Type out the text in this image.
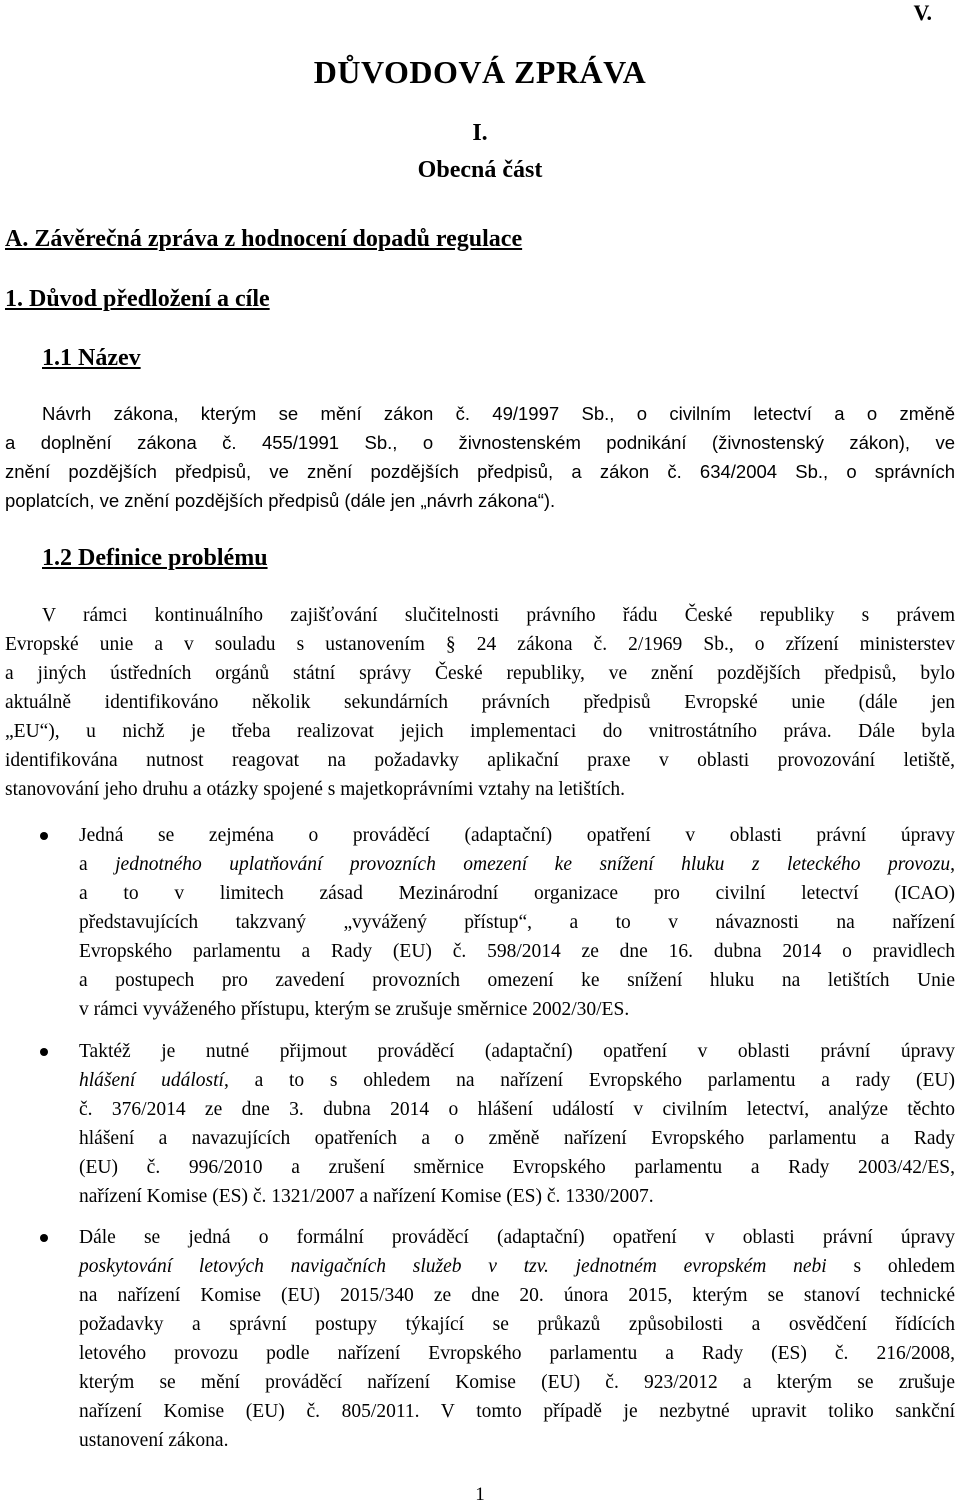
V.
DŮVODOVÁ ZPRÁVA
I.
Obecná část
A. Závěrečná zpráva z hodnocení dopadů regulace
1. Důvod předložení a cíle
1.1 Název
Návrh zákona, kterým se mění zákon č. 49/1997 Sb., o civilním letectví a o změně
a doplnění zákona č. 455/1991 Sb., o živnostenském podnikání (živnostenský zákon), ve
znění pozdějších předpisů, ve znění pozdějších předpisů, a zákon č. 634/2004 Sb., o správních
poplatcích, ve znění pozdějších předpisů (dále jen „návrh zákona“).
1.2 Definice problému
V rámci kontinuálního zajišťování slučitelnosti právního řádu České republiky s právem
Evropské unie a v souladu s ustanovením § 24 zákona č. 2/1969 Sb., o zřízení ministerstev
a jiných ústředních orgánů státní správy České republiky, ve znění pozdějších předpisů, bylo
aktuálně identifikováno několik sekundárních právních předpisů Evropské unie (dále jen
„EU“), u nichž je třeba realizovat jejich implementaci do vnitrostátního práva. Dále byla
identifikována nutnost reagovat na požadavky aplikační praxe v oblasti provozování letiště,
stanovování jeho druhu a otázky spojené s majetkoprávními vztahy na letištích.
Jedná se zejména o prováděcí (adaptační) opatření v oblasti právní úpravy
a jednotného uplatňování provozních omezení ke snížení hluku z leteckého provozu,
a to v limitech zásad Mezinárodní organizace pro civilní letectví (ICAO)
představujících takzvaný „vyvážený přístup“, a to v návaznosti na nařízení
Evropského parlamentu a Rady (EU) č. 598/2014 ze dne 16. dubna 2014 o pravidlech
a postupech pro zavedení provozních omezení ke snížení hluku na letištích Unie
v rámci vyváženého přístupu, kterým se zrušuje směrnice 2002/30/ES.
Taktéž je nutné přijmout prováděcí (adaptační) opatření v oblasti právní úpravy
hlášení událostí, a to s ohledem na nařízení Evropského parlamentu a rady (EU)
č. 376/2014 ze dne 3. dubna 2014 o hlášení událostí v civilním letectví, analýze těchto
hlášení a navazujících opatřeních a o změně nařízení Evropského parlamentu a Rady
(EU) č. 996/2010 a zrušení směrnice Evropského parlamentu a Rady 2003/42/ES,
nařízení Komise (ES) č. 1321/2007 a nařízení Komise (ES) č. 1330/2007.
Dále se jedná o formální prováděcí (adaptační) opatření v oblasti právní úpravy
poskytování letových navigačních služeb v tzv. jednotném evropském nebi s ohledem
na nařízení Komise (EU) 2015/340 ze dne 20. února 2015, kterým se stanoví technické
požadavky a správní postupy týkající se průkazů způsobilosti a osvědčení řídících
letového provozu podle nařízení Evropského parlamentu a Rady (ES) č. 216/2008,
kterým se mění prováděcí nařízení Komise (EU) č. 923/2012 a kterým se zrušuje
nařízení Komise (EU) č. 805/2011. V tomto případě je nezbytné upravit toliko sankční
ustanovení zákona.
1
